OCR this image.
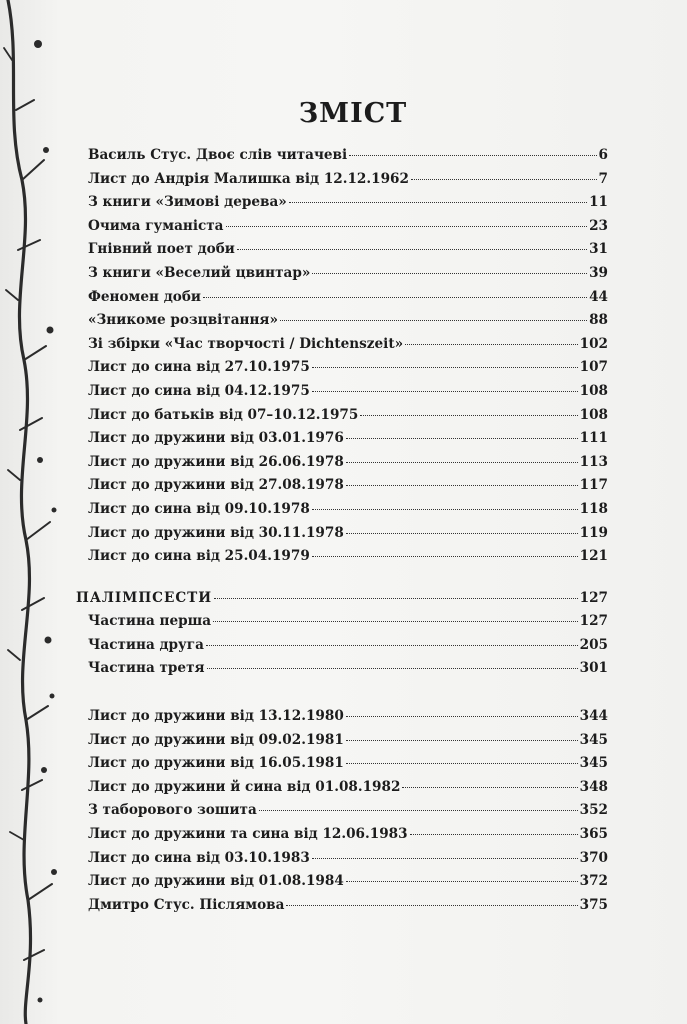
ЗМІСТ
Василь Стус. Двоє слів читачеві	6
Лист до Андрія Малишка від 12.12.1962	7
З книги «Зимові дерева»	11
Очима гуманіста	23
Гнівний поет доби	31
З книги «Веселий цвинтар»	39
Феномен доби	44
«Зникоме розцвітання»	88
Зі збірки «Час творчості / Dichtenszeit»	102
Лист до сина від 27.10.1975	107
Лист до сина від 04.12.1975	108
Лист до батьків від 07–10.12.1975	108
Лист до дружини від 03.01.1976	111
Лист до дружини від 26.06.1978	113
Лист до дружини від 27.08.1978	117
Лист до сина від 09.10.1978	118
Лист до дружини від 30.11.1978	119
Лист до сина від 25.04.1979	121
ПАЛІМПСЕСТИ	127
Частина перша	127
Частина друга	205
Частина третя	301
Лист до дружини від 13.12.1980	344
Лист до дружини від 09.02.1981	345
Лист до дружини від 16.05.1981	345
Лист до дружини й сина від 01.08.1982	348
З таборового зошита	352
Лист до дружини та сина від 12.06.1983	365
Лист до сина від 03.10.1983	370
Лист до дружини від 01.08.1984	372
Дмитро Стус. Післямова	375
